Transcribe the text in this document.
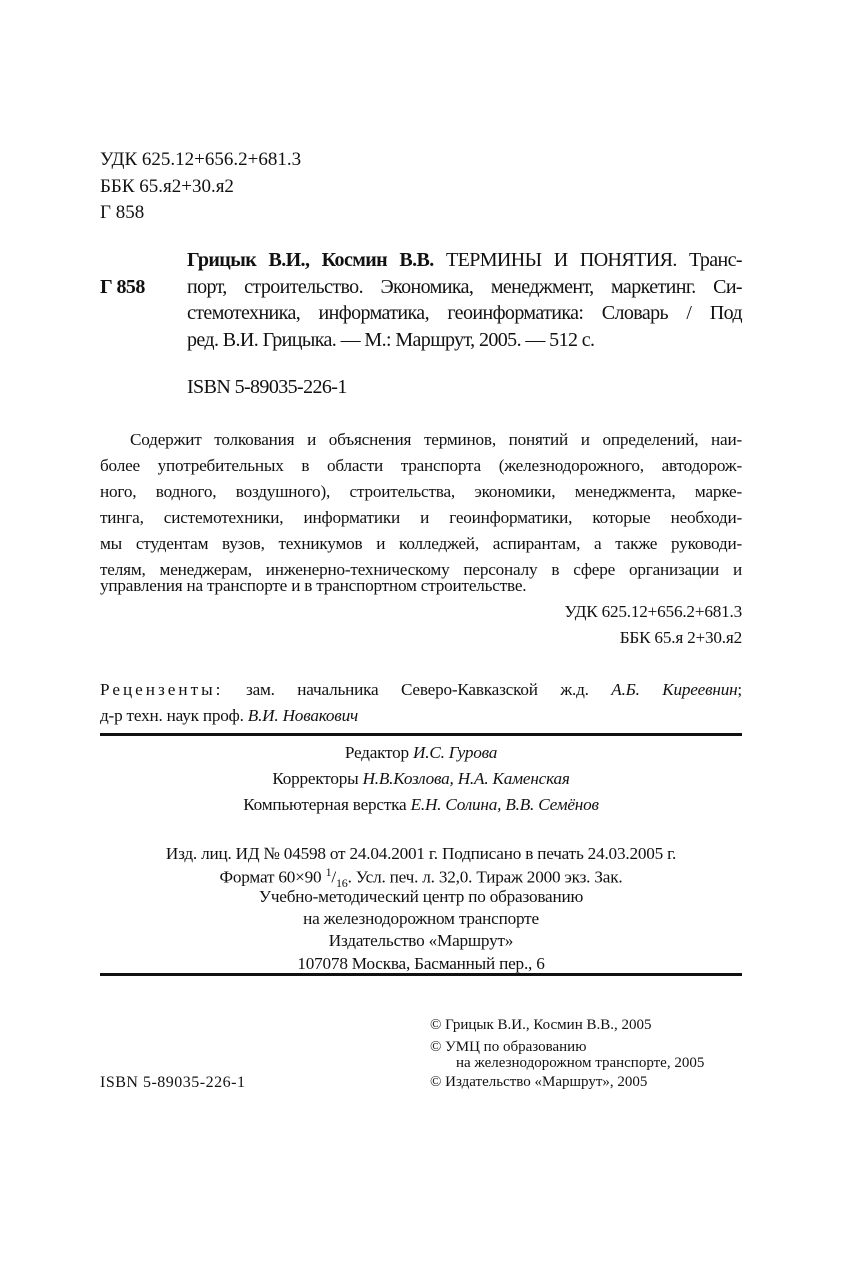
УДК 625.12+656.2+681.3
ББК 65.я2+30.я2
Г 858
Г 858
Грицык В.И., Космин В.В. ТЕРМИНЫ И ПОНЯТИЯ. Транс-
порт, строительство. Экономика, менеджмент, маркетинг. Си-
стемотехника, информатика, геоинформатика: Словарь / Под
ред. В.И. Грицыка. — М.: Маршрут, 2005. — 512 с.
ISBN 5-89035-226-1
Содержит толкования и объяснения терминов, понятий и определений, наи-
более употребительных в области транспорта (железнодорожного, автодорож-
ного, водного, воздушного), строительства, экономики, менеджмента, марке-
тинга, системотехники, информатики и геоинформатики, которые необходи-
мы студентам вузов, техникумов и колледжей, аспирантам, а также руководи-
телям, менеджерам, инженерно-техническому персоналу в сфере организации и
управления на транспорте и в транспортном строительстве.
УДК 625.12+656.2+681.3
ББК 65.я 2+30.я2
Рецензенты: зам. начальника Северо-Кавказской ж.д. А.Б. Киреевнин;
д-р техн. наук проф. В.И. Новакович
Редактор И.С. Гурова
Корректоры Н.В.Козлова, Н.А. Каменская
Компьютерная верстка Е.Н. Солина, В.В. Семёнов
Изд. лиц. ИД № 04598 от 24.04.2001 г. Подписано в печать 24.03.2005 г.
Формат 60×90 $^1/_{16}$. Усл. печ. л. 32,0. Тираж 2000 экз. Зак.
Учебно-методический центр по образованию
на железнодорожном транспорте
Издательство «Маршрут»
107078 Москва, Басманный пер., 6
© Грицык В.И., Космин В.В., 2005
© УМЦ по образованию
на железнодорожном транспорте, 2005
© Издательство «Маршрут», 2005
ISBN 5-89035-226-1
